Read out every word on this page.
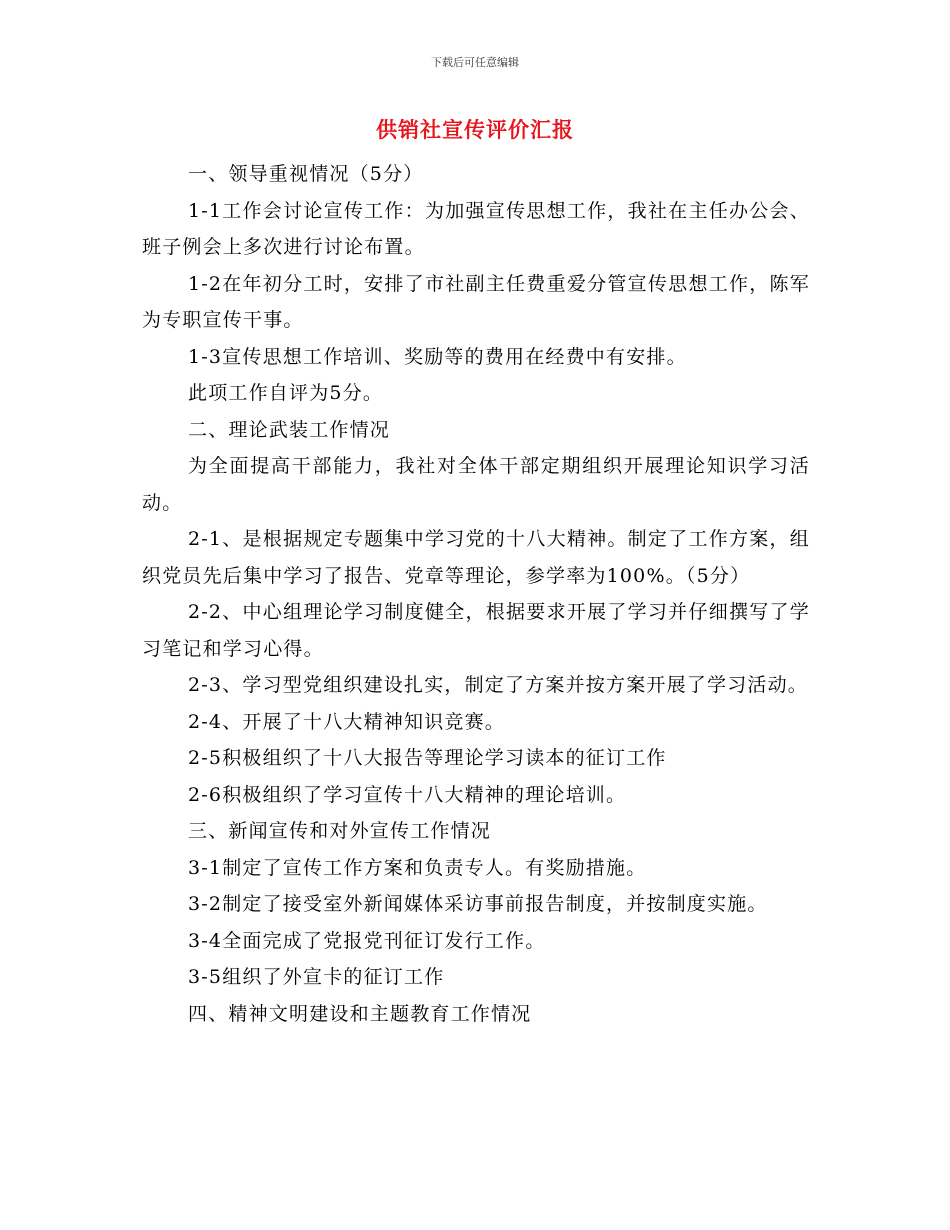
下载后可任意编辑
供销社宣传评价汇报

一、领导重视情况（5分）

1-1工作会讨论宣传工作：为加强宣传思想工作，我社在主任办公会、班子例会上多次进行讨论布置。

1-2在年初分工时，安排了市社副主任费重爱分管宣传思想工作，陈军为专职宣传干事。

1-3宣传思想工作培训、奖励等的费用在经费中有安排。

此项工作自评为5分。

二、理论武装工作情况

为全面提高干部能力，我社对全体干部定期组织开展理论知识学习活动。

2-1、是根据规定专题集中学习党的十八大精神。制定了工作方案，组织党员先后集中学习了报告、党章等理论，参学率为100%。（5分）

2-2、中心组理论学习制度健全，根据要求开展了学习并仔细撰写了学习笔记和学习心得。

2-3、学习型党组织建设扎实，制定了方案并按方案开展了学习活动。

2-4、开展了十八大精神知识竞赛。

2-5积极组织了十八大报告等理论学习读本的征订工作

2-6积极组织了学习宣传十八大精神的理论培训。

三、新闻宣传和对外宣传工作情况

3-1制定了宣传工作方案和负责专人。有奖励措施。

3-2制定了接受室外新闻媒体采访事前报告制度，并按制度实施。

3-4全面完成了党报党刊征订发行工作。

3-5组织了外宣卡的征订工作

四、精神文明建设和主题教育工作情况
